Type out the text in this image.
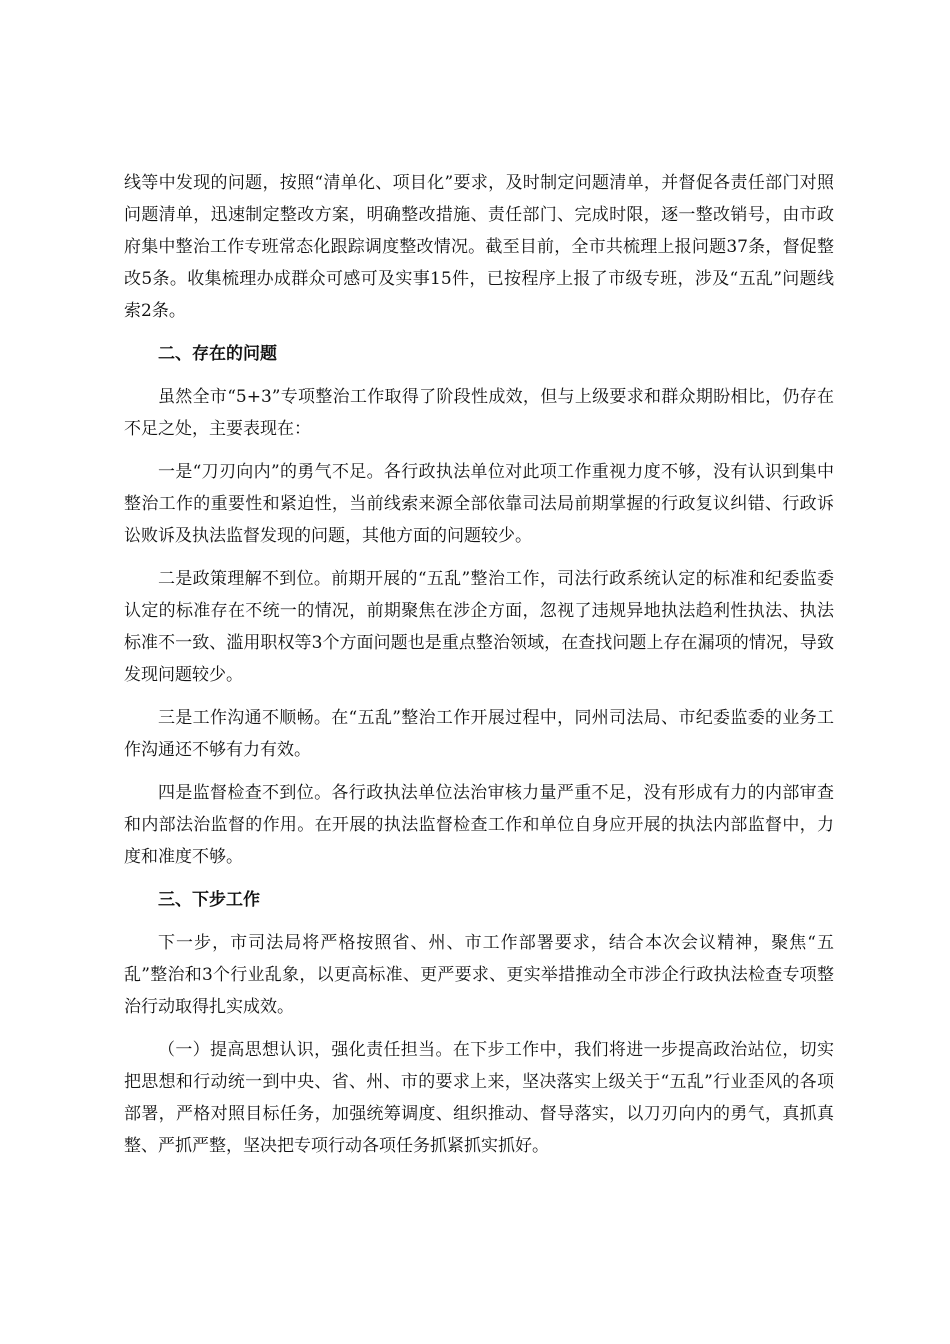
线等中发现的问题，按照“清单化、项目化”要求，及时制定问题清单，并督促各责任部门对照问题清单，迅速制定整改方案，明确整改措施、责任部门、完成时限，逐一整改销号，由市政府集中整治工作专班常态化跟踪调度整改情况。截至目前，全市共梳理上报问题37条，督促整改5条。收集梳理办成群众可感可及实事15件，已按程序上报了市级专班，涉及“五乱”问题线索2条。

二、存在的问题

虽然全市“5+3”专项整治工作取得了阶段性成效，但与上级要求和群众期盼相比，仍存在不足之处，主要表现在：

一是“刀刃向内”的勇气不足。各行政执法单位对此项工作重视力度不够，没有认识到集中整治工作的重要性和紧迫性，当前线索来源全部依靠司法局前期掌握的行政复议纠错、行政诉讼败诉及执法监督发现的问题，其他方面的问题较少。

二是政策理解不到位。前期开展的“五乱”整治工作，司法行政系统认定的标准和纪委监委认定的标准存在不统一的情况，前期聚焦在涉企方面，忽视了违规异地执法趋利性执法、执法标准不一致、滥用职权等3个方面问题也是重点整治领域，在查找问题上存在漏项的情况，导致发现问题较少。

三是工作沟通不顺畅。在“五乱”整治工作开展过程中，同州司法局、市纪委监委的业务工作沟通还不够有力有效。

四是监督检查不到位。各行政执法单位法治审核力量严重不足，没有形成有力的内部审查和内部法治监督的作用。在开展的执法监督检查工作和单位自身应开展的执法内部监督中，力度和准度不够。

三、下步工作

下一步，市司法局将严格按照省、州、市工作部署要求，结合本次会议精神，聚焦“五乱”整治和3个行业乱象，以更高标准、更严要求、更实举措推动全市涉企行政执法检查专项整治行动取得扎实成效。

（一）提高思想认识，强化责任担当。在下步工作中，我们将进一步提高政治站位，切实把思想和行动统一到中央、省、州、市的要求上来，坚决落实上级关于“五乱”行业歪风的各项部署，严格对照目标任务，加强统筹调度、组织推动、督导落实，以刀刃向内的勇气，真抓真整、严抓严整，坚决把专项行动各项任务抓紧抓实抓好。
